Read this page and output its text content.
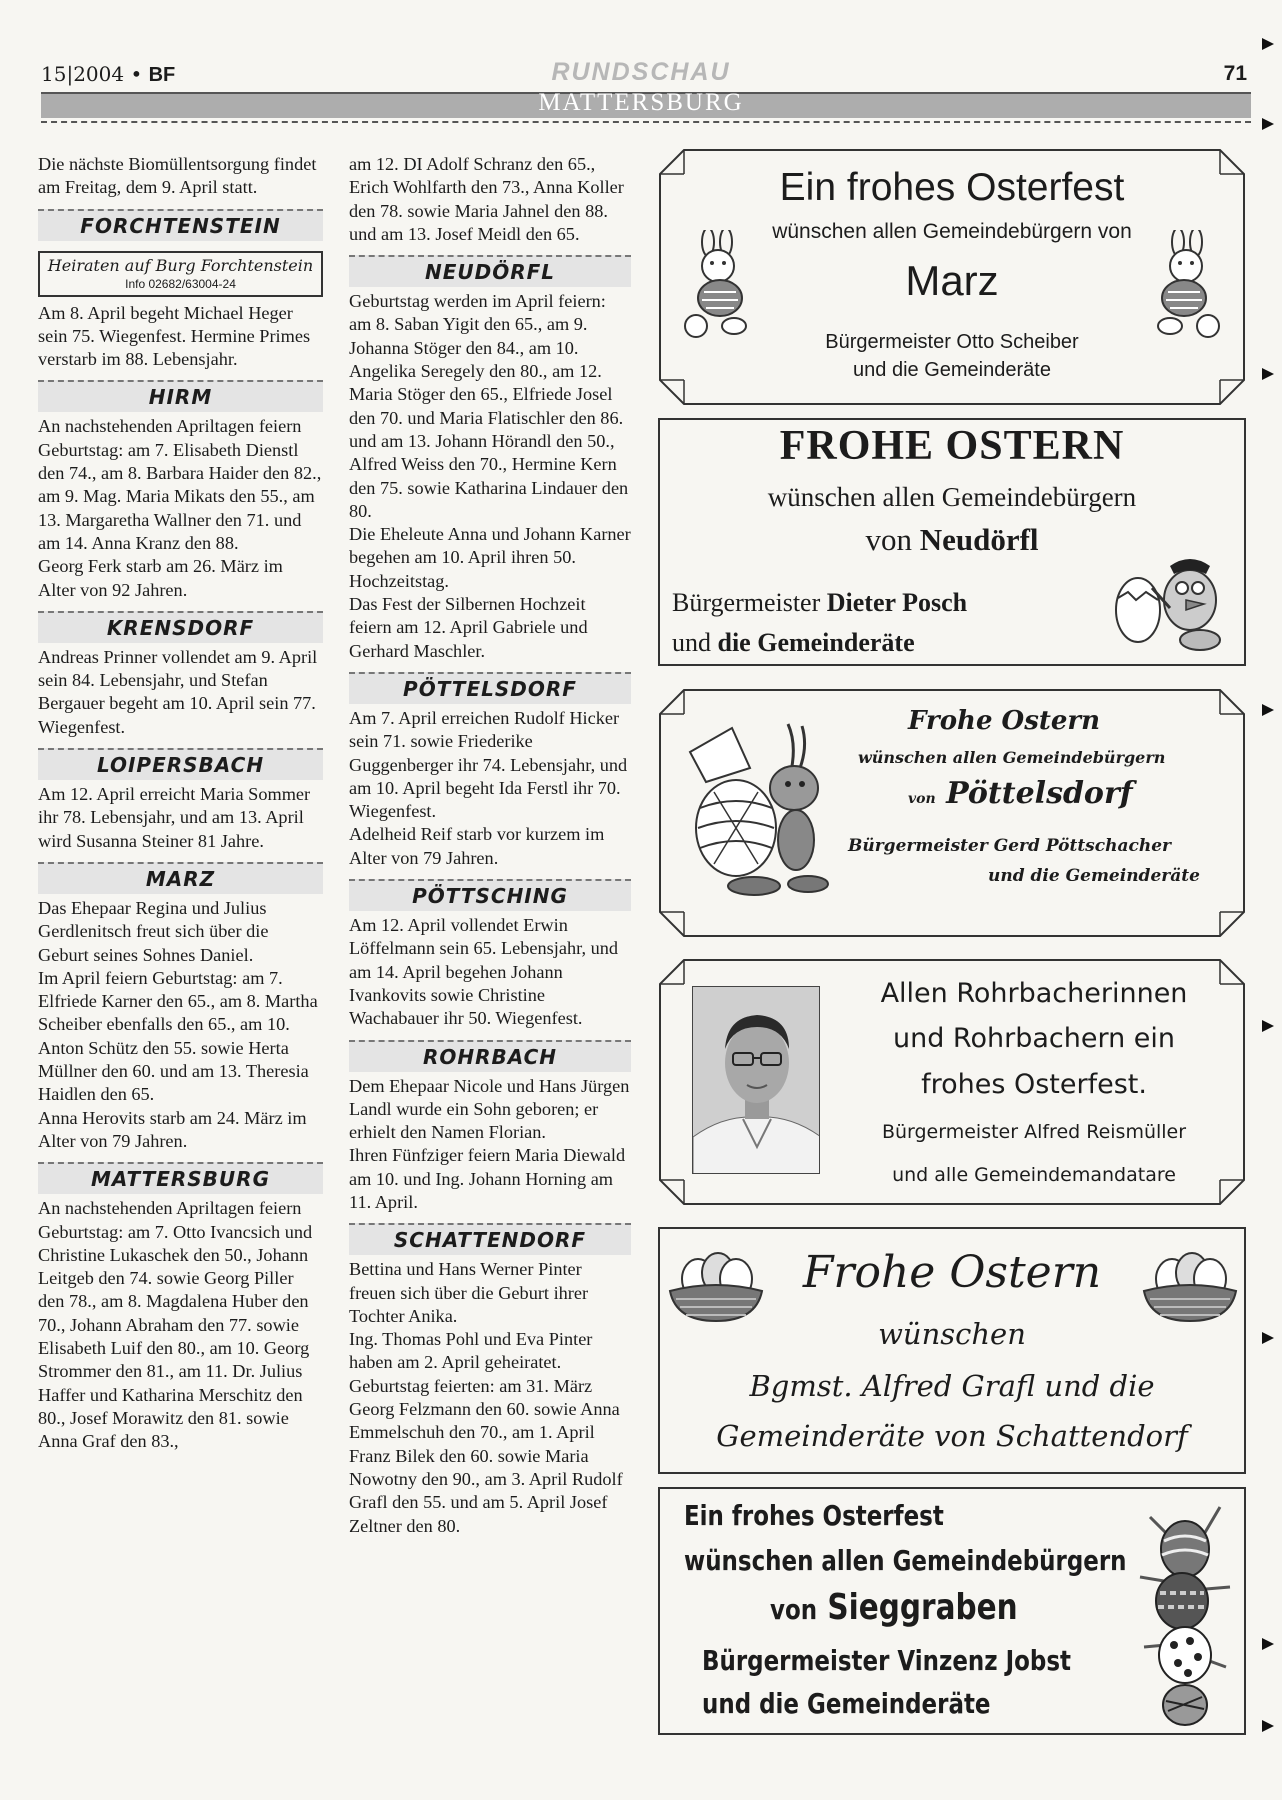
15|2004 • BF	RUNDSCHAU	71
MATTERSBURG

Die nächste Biomüllentsorgung findet am Freitag, dem 9. April statt.

FORCHTENSTEIN
Heiraten auf Burg Forchtenstein
Info 02682/63004-24

Am 8. April begeht Michael Heger sein 75. Wiegenfest. Hermine Primes verstarb im 88. Lebensjahr.

HIRM

An nachstehenden Apriltagen feiern Geburtstag: am 7. Elisabeth Dienstl den 74., am 8. Barbara Haider den 82., am 9. Mag. Maria Mikats den 55., am 13. Margaretha Wallner den 71. und am 14. Anna Kranz den 88.

Georg Ferk starb am 26. März im Alter von 92 Jahren.

KRENSDORF

Andreas Prinner vollendet am 9. April sein 84. Lebensjahr, und Stefan Bergauer begeht am 10. April sein 77. Wiegenfest.

LOIPERSBACH

Am 12. April erreicht Maria Sommer ihr 78. Lebensjahr, und am 13. April wird Susanna Steiner 81 Jahre.

MARZ

Das Ehepaar Regina und Julius Gerdlenitsch freut sich über die Geburt seines Sohnes Daniel.

Im April feiern Geburtstag: am 7. Elfriede Karner den 65., am 8. Martha Scheiber ebenfalls den 65., am 10. Anton Schütz den 55. sowie Herta Müllner den 60. und am 13. Theresia Haidlen den 65.

Anna Herovits starb am 24. März im Alter von 79 Jahren.

MATTERSBURG

An nachstehenden Apriltagen feiern Geburtstag: am 7. Otto Ivancsich und Christine Lukaschek den 50., Johann Leitgeb den 74. sowie Georg Piller den 78., am 8. Magdalena Huber den 70., Johann Abraham den 77. sowie Elisabeth Luif den 80., am 10. Georg Strommer den 81., am 11. Dr. Julius Haffer und Katharina Merschitz den 80., Josef Morawitz den 81. sowie Anna Graf den 83.,

am 12. DI Adolf Schranz den 65., Erich Wohlfarth den 73., Anna Koller den 78. sowie Maria Jahnel den 88. und am 13. Josef Meidl den 65.

NEUDÖRFL

Geburtstag werden im April feiern: am 8. Saban Yigit den 65., am 9. Johanna Stöger den 84., am 10. Angelika Seregely den 80., am 12. Maria Stöger den 65., Elfriede Josel den 70. und Maria Flatischler den 86. und am 13. Johann Hörandl den 50., Alfred Weiss den 70., Hermine Kern den 75. sowie Katharina Lindauer den 80.

Die Eheleute Anna und Johann Karner begehen am 10. April ihren 50. Hochzeitstag.

Das Fest der Silbernen Hochzeit feiern am 12. April Gabriele und Gerhard Maschler.

PÖTTELSDORF

Am 7. April erreichen Rudolf Hicker sein 71. sowie Friederike Guggenberger ihr 74. Lebensjahr, und am 10. April begeht Ida Ferstl ihr 70. Wiegenfest.

Adelheid Reif starb vor kurzem im Alter von 79 Jahren.

PÖTTSCHING

Am 12. April vollendet Erwin Löffelmann sein 65. Lebensjahr, und am 14. April begehen Johann Ivankovits sowie Christine Wachabauer ihr 50. Wiegenfest.

ROHRBACH

Dem Ehepaar Nicole und Hans Jürgen Landl wurde ein Sohn geboren; er erhielt den Namen Florian.

Ihren Fünfziger feiern Maria Diewald am 10. und Ing. Johann Horning am 11. April.

SCHATTENDORF

Bettina und Hans Werner Pinter freuen sich über die Geburt ihrer Tochter Anika.

Ing. Thomas Pohl und Eva Pinter haben am 2. April geheiratet.

Geburtstag feierten: am 31. März Georg Felzmann den 60. sowie Anna Emmelschuh den 70., am 1. April Franz Bilek den 60. sowie Maria Nowotny den 90., am 3. April Rudolf Grafl den 55. und am 5. April Josef Zeltner den 80.

Ein frohes Osterfest
wünschen allen Gemeindebürgern von
Marz
Bürgermeister Otto Scheiber
und die Gemeinderäte
FROHE OSTERN
wünschen allen Gemeindebürgern
von Neudörfl
Bürgermeister Dieter Posch
und die Gemeinderäte
Frohe Ostern
wünschen allen Gemeindebürgern
von Pöttelsdorf
Bürgermeister Gerd Pöttschacher
und die Gemeinderäte
Allen Rohrbacherinnen
und Rohrbachern ein
frohes Osterfest.
Bürgermeister Alfred Reismüller
und alle Gemeindemandatare
Frohe Ostern
wünschen
Bgmst. Alfred Grafl und die
Gemeinderäte von Schattendorf
Ein frohes Osterfest
wünschen allen Gemeindebürgern
von Sieggraben
Bürgermeister Vinzenz Jobst
und die Gemeinderäte
